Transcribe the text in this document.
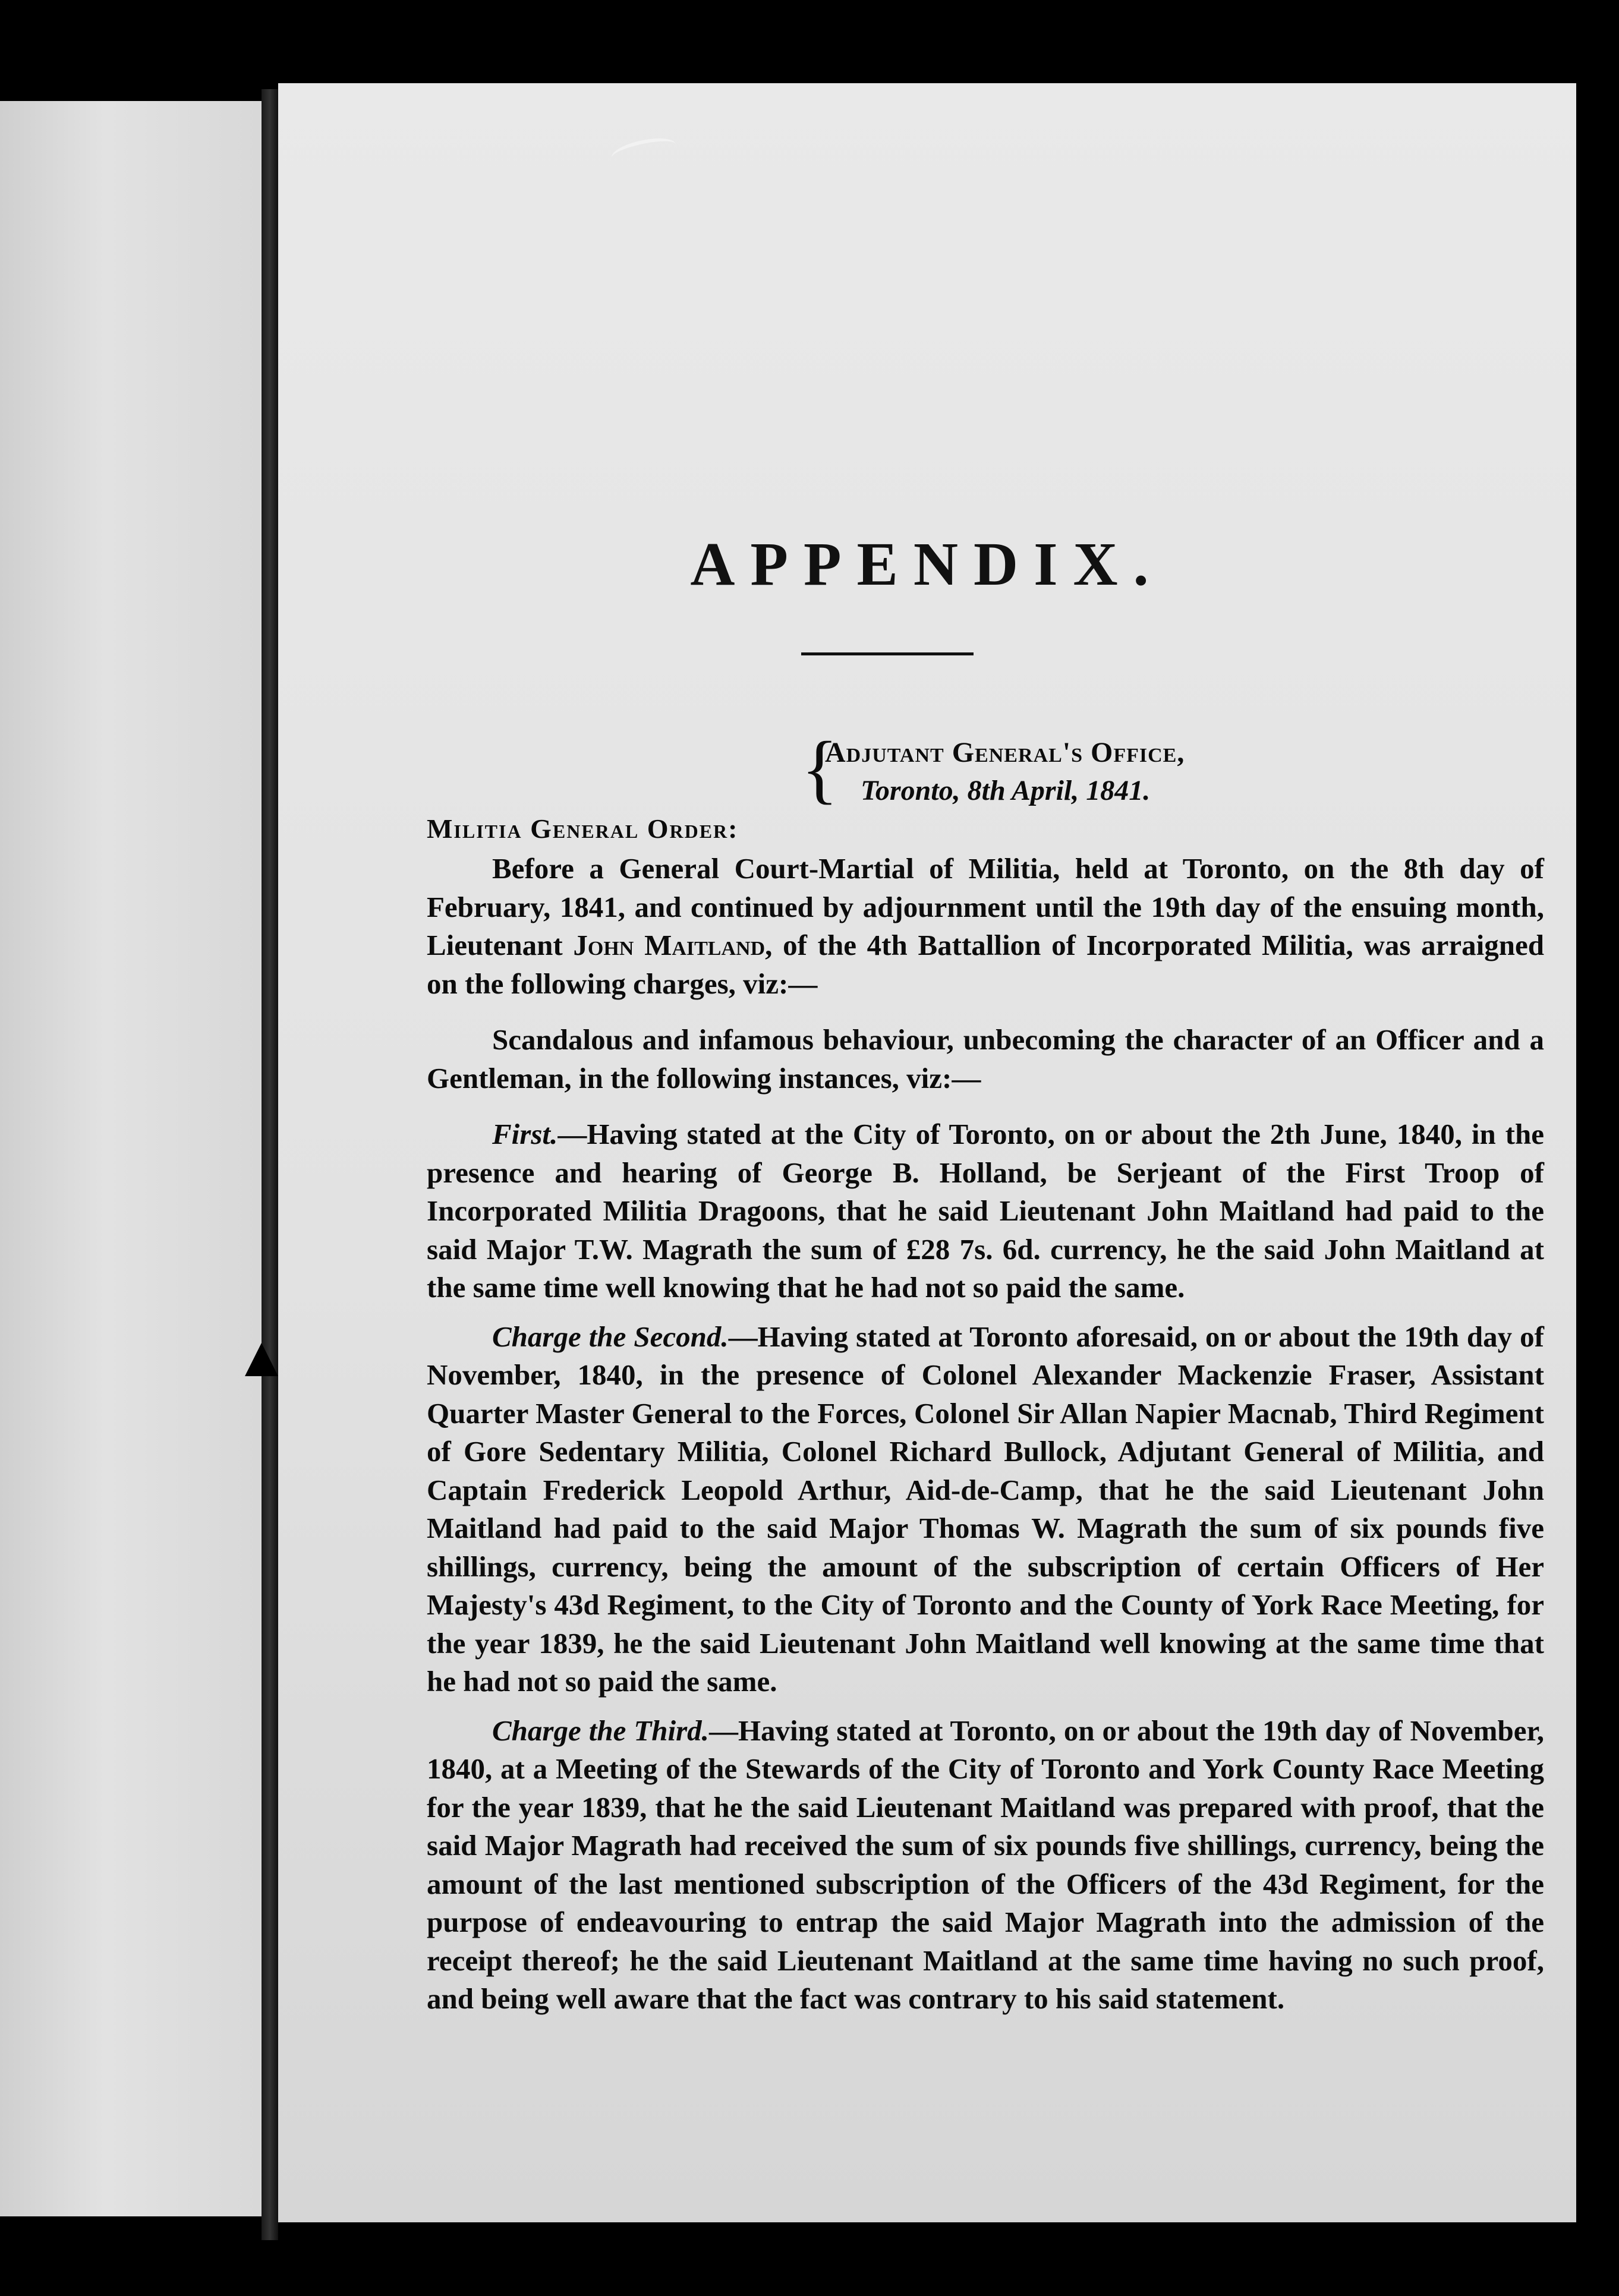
APPENDIX.
{
Adjutant General's Office,
Toronto, 8th April, 1841.
Militia General Order:

Before a General Court-Martial of Militia, held at Toronto, on the 8th day of February, 1841, and continued by adjournment until the 19th day of the ensuing month, Lieutenant John Maitland, of the 4th Battallion of Incorporated Militia, was arraigned on the following charges, viz:—

Scandalous and infamous behaviour, unbecoming the character of an Officer and a Gentleman, in the following instances, viz:—

First.—Having stated at the City of Toronto, on or about the 2th June, 1840, in the presence and hearing of George B. Holland, be Serjeant of the First Troop of Incorporated Militia Dragoons, that he said Lieutenant John Maitland had paid to the said Major T.W. Magrath the sum of £28 7s. 6d. currency, he the said John Maitland at the same time well knowing that he had not so paid the same.

Charge the Second.—Having stated at Toronto aforesaid, on or about the 19th day of November, 1840, in the presence of Colonel Alexander Mackenzie Fraser, Assistant Quarter Master General to the Forces, Colonel Sir Allan Napier Macnab, Third Regiment of Gore Sedentary Militia, Colonel Richard Bullock, Adjutant General of Militia, and Captain Frederick Leopold Arthur, Aid-de-Camp, that he the said Lieutenant John Maitland had paid to the said Major Thomas W. Magrath the sum of six pounds five shillings, currency, being the amount of the subscription of certain Officers of Her Majesty's 43d Regiment, to the City of Toronto and the County of York Race Meeting, for the year 1839, he the said Lieutenant John Maitland well knowing at the same time that he had not so paid the same.

Charge the Third.—Having stated at Toronto, on or about the 19th day of November, 1840, at a Meeting of the Stewards of the City of Toronto and York County Race Meeting for the year 1839, that he the said Lieutenant Maitland was prepared with proof, that the said Major Magrath had received the sum of six pounds five shillings, currency, being the amount of the last mentioned subscription of the Officers of the 43d Regiment, for the purpose of endeavouring to entrap the said Major Magrath into the admission of the receipt thereof; he the said Lieutenant Maitland at the same time having no such proof, and being well aware that the fact was contrary to his said statement.
